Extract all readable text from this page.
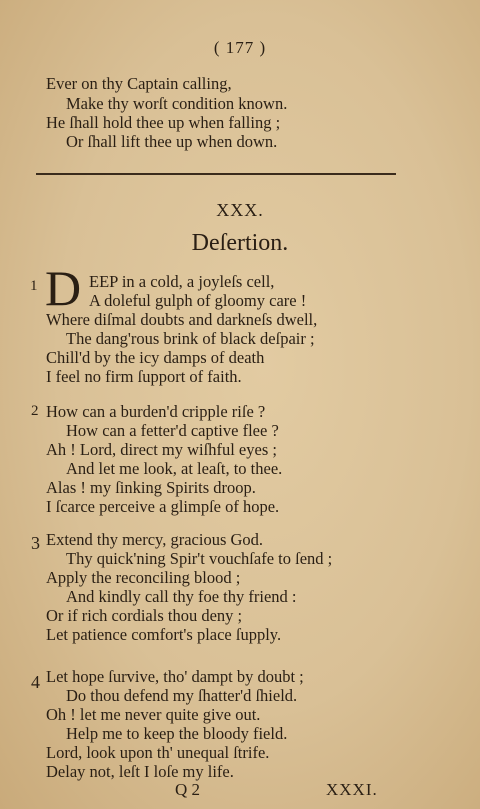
( 177 )
Ever on thy Captain calling,
Make thy worſt condition known.
He ſhall hold thee up when falling ;
Or ſhall lift thee up when down.
XXX.
Deſertion.
1 D EEP in a cold, a joyleſs cell,
A doleful gulph of gloomy care !
Where diſmal doubts and darkneſs dwell,
The dang'rous brink of black deſpair ;
Chill'd by the icy damps of death
I feel no firm ſupport of faith.
2 How can a burden'd cripple riſe ?
How can a fetter'd captive flee ?
Ah ! Lord, direct my wiſhful eyes ;
And let me look, at leaſt, to thee.
Alas ! my ſinking Spirits droop.
I ſcarce perceive a glimpſe of hope.
3 Extend thy mercy, gracious God.
Thy quick'ning Spir't vouchſafe to ſend ;
Apply the reconciling blood ;
And kindly call thy foe thy friend :
Or if rich cordials thou deny ;
Let patience comfort's place ſupply.
4 Let hope ſurvive, tho' dampt by doubt ;
Do thou defend my ſhatter'd ſhield.
Oh ! let me never quite give out.
Help me to keep the bloody field.
Lord, look upon th' unequal ſtrife.
Delay not, leſt I loſe my life.
Q 2	XXXI.
